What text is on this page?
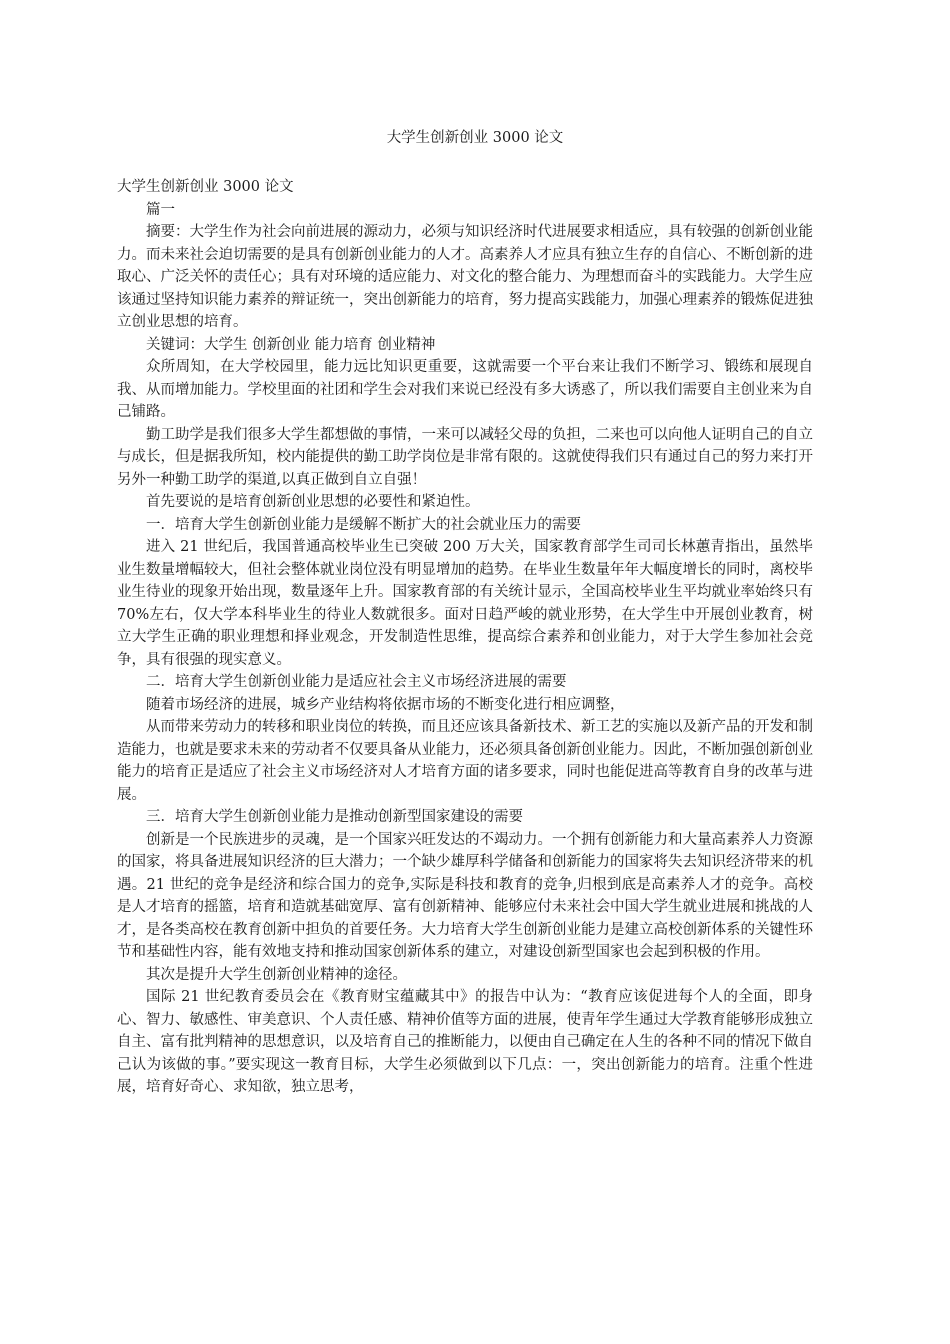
大学生创新创业 3000 论文

大学生创新创业 3000 论文

篇一

摘要：大学生作为社会向前进展的源动力，必须与知识经济时代进展要求相适应，具有较强的创新创业能力。而未来社会迫切需要的是具有创新创业能力的人才。高素养人才应具有独立生存的自信心、不断创新的进取心、广泛关怀的责任心；具有对环境的适应能力、对文化的整合能力、为理想而奋斗的实践能力。大学生应该通过坚持知识能力素养的辩证统一，突出创新能力的培育，努力提高实践能力，加强心理素养的锻炼促进独立创业思想的培育。

关键词：大学生 创新创业 能力培育 创业精神

众所周知，在大学校园里，能力远比知识更重要，这就需要一个平台来让我们不断学习、锻练和展现自我、从而增加能力。学校里面的社团和学生会对我们来说已经没有多大诱惑了，所以我们需要自主创业来为自己铺路。

勤工助学是我们很多大学生都想做的事情，一来可以减轻父母的负担，二来也可以向他人证明自己的自立与成长，但是据我所知，校内能提供的勤工助学岗位是非常有限的。这就使得我们只有通过自己的努力来打开另外一种勤工助学的渠道,以真正做到自立自强！

首先要说的是培育创新创业思想的必要性和紧迫性。

一．培育大学生创新创业能力是缓解不断扩大的社会就业压力的需要

进入 21 世纪后，我国普通高校毕业生已突破 200 万大关，国家教育部学生司司长林蕙青指出，虽然毕业生数量增幅较大，但社会整体就业岗位没有明显增加的趋势。在毕业生数量年年大幅度增长的同时，离校毕业生待业的现象开始出现，数量逐年上升。国家教育部的有关统计显示，全国高校毕业生平均就业率始终只有 70%左右，仅大学本科毕业生的待业人数就很多。面对日趋严峻的就业形势，在大学生中开展创业教育，树立大学生正确的职业理想和择业观念，开发制造性思维，提高综合素养和创业能力，对于大学生参加社会竞争，具有很强的现实意义。

二．培育大学生创新创业能力是适应社会主义市场经济进展的需要

随着市场经济的进展，城乡产业结构将依据市场的不断变化进行相应调整，

从而带来劳动力的转移和职业岗位的转换，而且还应该具备新技术、新工艺的实施以及新产品的开发和制造能力，也就是要求未来的劳动者不仅要具备从业能力，还必须具备创新创业能力。因此，不断加强创新创业能力的培育正是适应了社会主义市场经济对人才培育方面的诸多要求，同时也能促进高等教育自身的改革与进展。

三．培育大学生创新创业能力是推动创新型国家建设的需要

创新是一个民族进步的灵魂，是一个国家兴旺发达的不竭动力。一个拥有创新能力和大量高素养人力资源的国家，将具备进展知识经济的巨大潜力；一个缺少雄厚科学储备和创新能力的国家将失去知识经济带来的机遇。21 世纪的竞争是经济和综合国力的竞争,实际是科技和教育的竞争,归根到底是高素养人才的竞争。高校是人才培育的摇篮，培育和造就基础宽厚、富有创新精神、能够应付未来社会中国大学生就业进展和挑战的人才，是各类高校在教育创新中担负的首要任务。大力培育大学生创新创业能力是建立高校创新体系的关键性环节和基础性内容，能有效地支持和推动国家创新体系的建立，对建设创新型国家也会起到积极的作用。

其次是提升大学生创新创业精神的途径。

国际 21 世纪教育委员会在《教育财宝蕴藏其中》的报告中认为：“教育应该促进每个人的全面，即身心、智力、敏感性、审美意识、个人责任感、精神价值等方面的进展，使青年学生通过大学教育能够形成独立自主、富有批判精神的思想意识，以及培育自己的推断能力，以便由自己确定在人生的各种不同的情况下做自己认为该做的事。”要实现这一教育目标，大学生必须做到以下几点：一，突出创新能力的培育。注重个性进展，培育好奇心、求知欲，独立思考，
